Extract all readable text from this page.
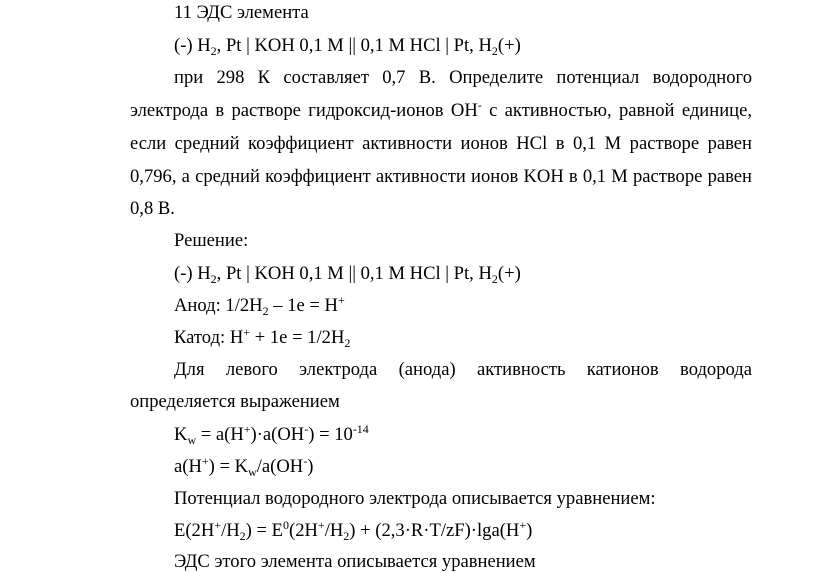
11 ЭДС элемента
(-) $H_2$, Pt | KOH 0,1 M || 0,1 M HCl | Pt, $H_2(+)$
при 298 К составляет 0,7 В. Определите потенциал водородного
электрода в растворе гидроксид-ионов OH- с активностью, равной единице,
если средний коэффициент активности ионов HCl в 0,1 М растворе равен
0,796, а средний коэффициент активности ионов KOH в 0,1 М растворе равен
0,8 В.
Решение:
(-) $H_2$, Pt | KOH 0,1 M || 0,1 M HCl | Pt, $H_2(+)$
Анод: $1/2H_2 - 1e = H^+$
Катод: $H^+ + 1e = 1/2H_2$
Для левого электрода (анода) активность катионов водорода
определяется выражением
$K_w = a(H^+)\cdot a(OH^-) = 10^{-14}$
$a(H^+) = K_w/a(OH^-)$
Потенциал водородного электрода описывается уравнением:
$E(2H^+/H_2) = E^0(2H^+/H_2) + (2,3\cdot R\cdot T/zF)\cdot\lg a(H^+)$
ЭДС этого элемента описывается уравнением
